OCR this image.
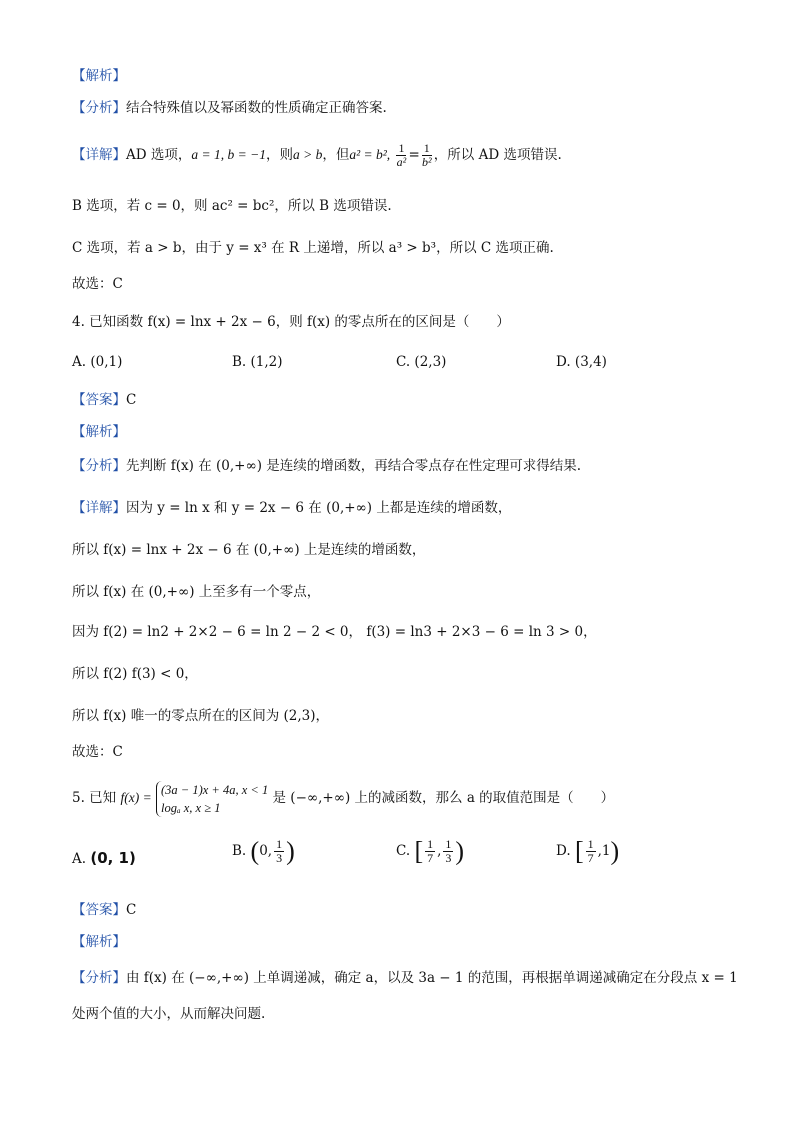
【解析】
【分析】结合特殊值以及幂函数的性质确定正确答案.
【详解】AD 选项，a = 1, b = −1，则a > b，但a² = b², $\frac{1}{\text{a²}} = \frac{1}{\text{b²}}$ ，所以 AD 选项错误.
B 选项，若 c = 0，则 ac² = bc²，所以 B 选项错误.
C 选项，若 a > b，由于 y = x³ 在 R 上递增，所以 a³ > b³，所以 C 选项正确.
故选：C
4. 已知函数 f(x) = lnx + 2x − 6，则 f(x) 的零点所在的区间是（　　）
A. (0,1)	B. (1,2)	C. (2,3)	D. (3,4)
【答案】C
【解析】
【分析】先判断 f(x) 在 (0,+∞) 是连续的增函数，再结合零点存在性定理可求得结果.
【详解】因为 y = ln x 和 y = 2x − 6 在 (0,+∞) 上都是连续的增函数，
所以 f(x) = lnx + 2x − 6 在 (0,+∞) 上是连续的增函数，
所以 f(x) 在 (0,+∞) 上至多有一个零点，
因为 f(2) = ln2 + 2×2 − 6 = ln 2 − 2 < 0， f(3) = ln3 + 2×3 − 6 = ln 3 > 0，
所以 f(2) f(3) < 0，
所以 f(x) 唯一的零点所在的区间为 (2,3)，
故选：C
5. 已知 f(x) =
(3a − 1)x + 4a, x < 1
logₐ x, x ≥ 1
是 (−∞,+∞) 上的减函数，那么 a 的取值范围是（　　）
A. (0, 1)	B. (0, $\frac{1}{3}$ )	C. [ $\frac{1}{7}$ , $\frac{1}{3}$ )	D. [ $\frac{1}{7} ,1$)
【答案】C
【解析】
【分析】由 f(x) 在 (−∞,+∞) 上单调递减，确定 a，以及 3a − 1 的范围，再根据单调递减确定在分段点 x = 1
处两个值的大小，从而解决问题.
